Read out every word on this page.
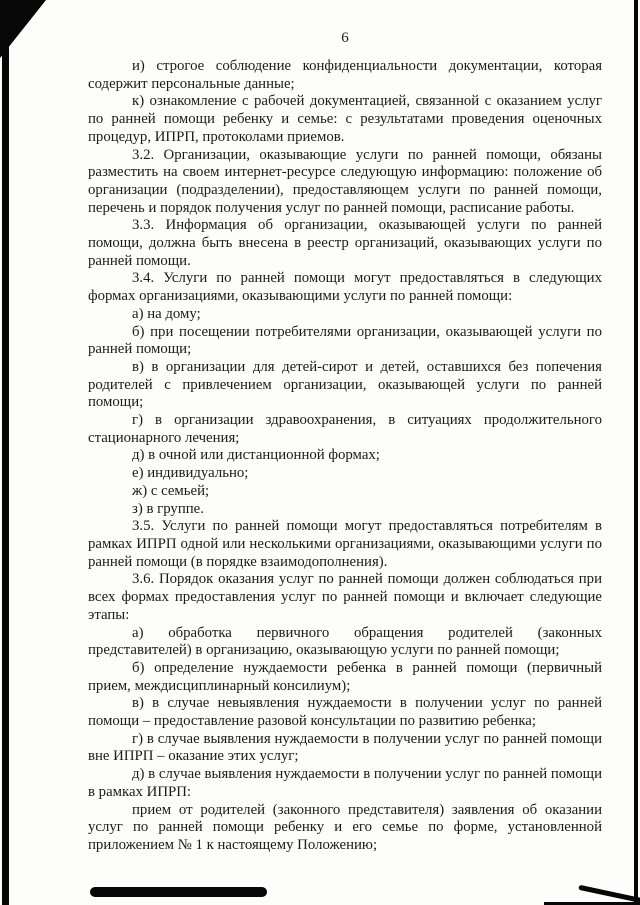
6

и) строгое соблюдение конфиденциальности документации, которая содержит персональные данные;

к) ознакомление с рабочей документацией, связанной с оказанием услуг по ранней помощи ребенку и семье: с результатами проведения оценочных процедур, ИПРП, протоколами приемов.

3.2. Организации, оказывающие услуги по ранней помощи, обязаны разместить на своем интернет-ресурсе следующую информацию: положение об организации (подразделении), предоставляющем услуги по ранней помощи, перечень и порядок получения услуг по ранней помощи, расписание работы.

3.3. Информация об организации, оказывающей услуги по ранней помощи, должна быть внесена в реестр организаций, оказывающих услуги по ранней помощи.

3.4. Услуги по ранней помощи могут предоставляться в следующих формах организациями, оказывающими услуги по ранней помощи:

а) на дому;

б) при посещении потребителями организации, оказывающей услуги по ранней помощи;

в) в организации для детей-сирот и детей, оставшихся без попечения родителей с привлечением организации, оказывающей услуги по ранней помощи;

г) в организации здравоохранения, в ситуациях продолжительного стационарного лечения;

д) в очной или дистанционной формах;

е) индивидуально;

ж) с семьей;

з) в группе.

3.5. Услуги по ранней помощи могут предоставляться потребителям в рамках ИПРП одной или несколькими организациями, оказывающими услуги по ранней помощи (в порядке взаимодополнения).

3.6. Порядок оказания услуг по ранней помощи должен соблюдаться при всех формах предоставления услуг по ранней помощи и включает следующие этапы:

а) обработка первичного обращения родителей (законных представителей) в организацию, оказывающую услуги по ранней помощи;

б) определение нуждаемости ребенка в ранней помощи (первичный прием, междисциплинарный консилиум);

в) в случае невыявления нуждаемости в получении услуг по ранней помощи – предоставление разовой консультации по развитию ребенка;

г) в случае выявления нуждаемости в получении услуг по ранней помощи вне ИПРП – оказание этих услуг;

д) в случае выявления нуждаемости в получении услуг по ранней помощи в рамках ИПРП:

прием от родителей (законного представителя) заявления об оказании услуг по ранней помощи ребенку и его семье по форме, установленной приложением № 1 к настоящему Положению;
